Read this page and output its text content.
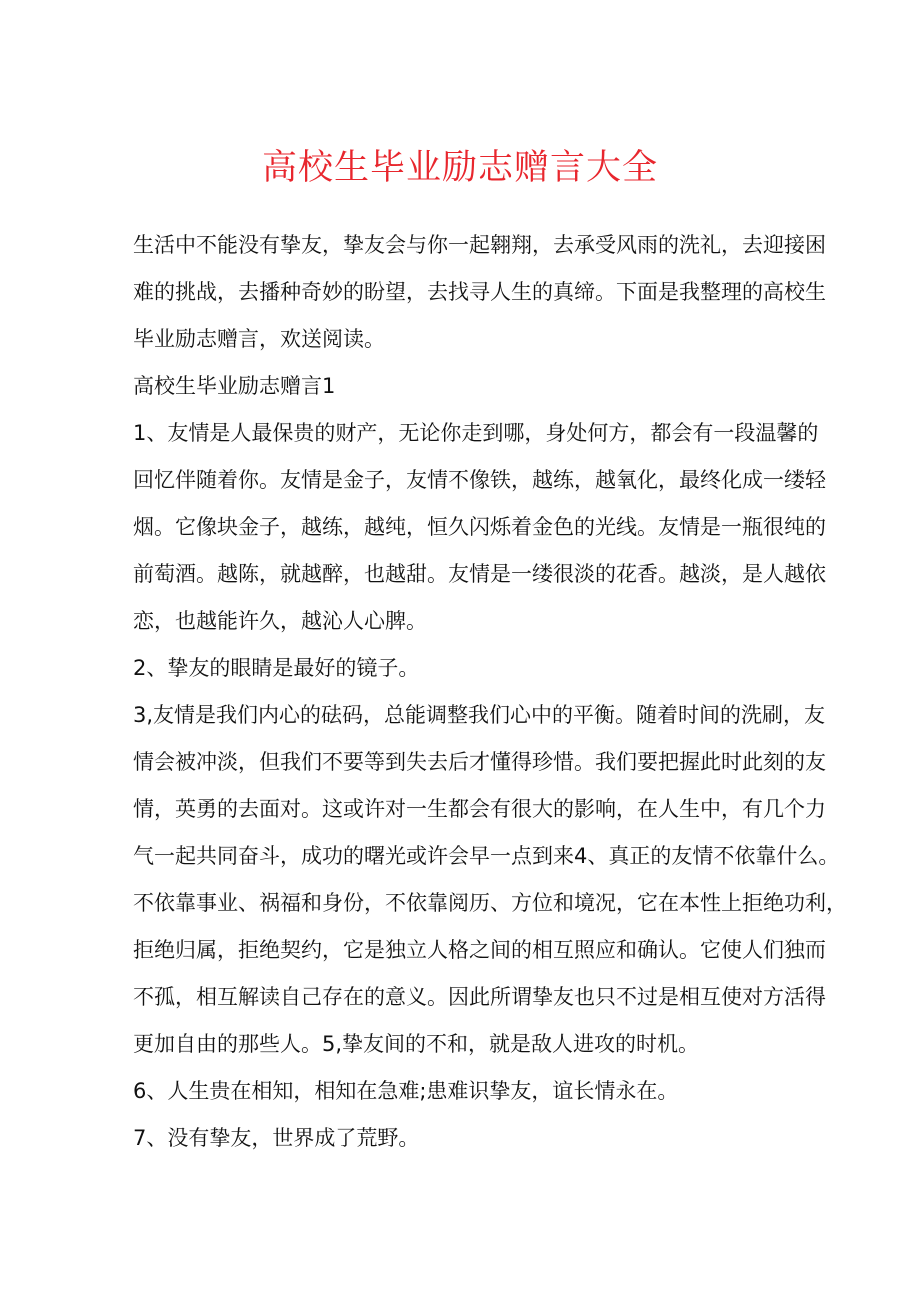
高校生毕业励志赠言大全
生活中不能没有挚友，挚友会与你一起翱翔，去承受风雨的洗礼，去迎接困
难的挑战，去播种奇妙的盼望，去找寻人生的真缔。下面是我整理的高校生
毕业励志赠言，欢送阅读。
高校生毕业励志赠言1
1、友情是人最保贵的财产，无论你走到哪，身处何方，都会有一段温馨的
回忆伴随着你。友情是金子，友情不像铁，越练，越氧化，最终化成一缕轻
烟。它像块金子，越练，越纯，恒久闪烁着金色的光线。友情是一瓶很纯的
前萄酒。越陈，就越醉，也越甜。友情是一缕很淡的花香。越淡，是人越依
恋，也越能许久，越沁人心脾。
2、挚友的眼睛是最好的镜子。
3,友情是我们内心的砝码，总能调整我们心中的平衡。随着时间的洗刷，友
情会被冲淡，但我们不要等到失去后才懂得珍惜。我们要把握此时此刻的友
情，英勇的去面对。这或许对一生都会有很大的影响，在人生中，有几个力
气一起共同奋斗，成功的曙光或许会早一点到来4、真正的友情不依靠什么。
不依靠事业、祸福和身份，不依靠阅历、方位和境况，它在本性上拒绝功利，
拒绝归属，拒绝契约，它是独立人格之间的相互照应和确认。它使人们独而
不孤，相互解读自己存在的意义。因此所谓挚友也只不过是相互使对方活得
更加自由的那些人。5,挚友间的不和，就是敌人进攻的时机。
6、人生贵在相知，相知在急难;患难识挚友，谊长情永在。
7、没有挚友，世界成了荒野。
